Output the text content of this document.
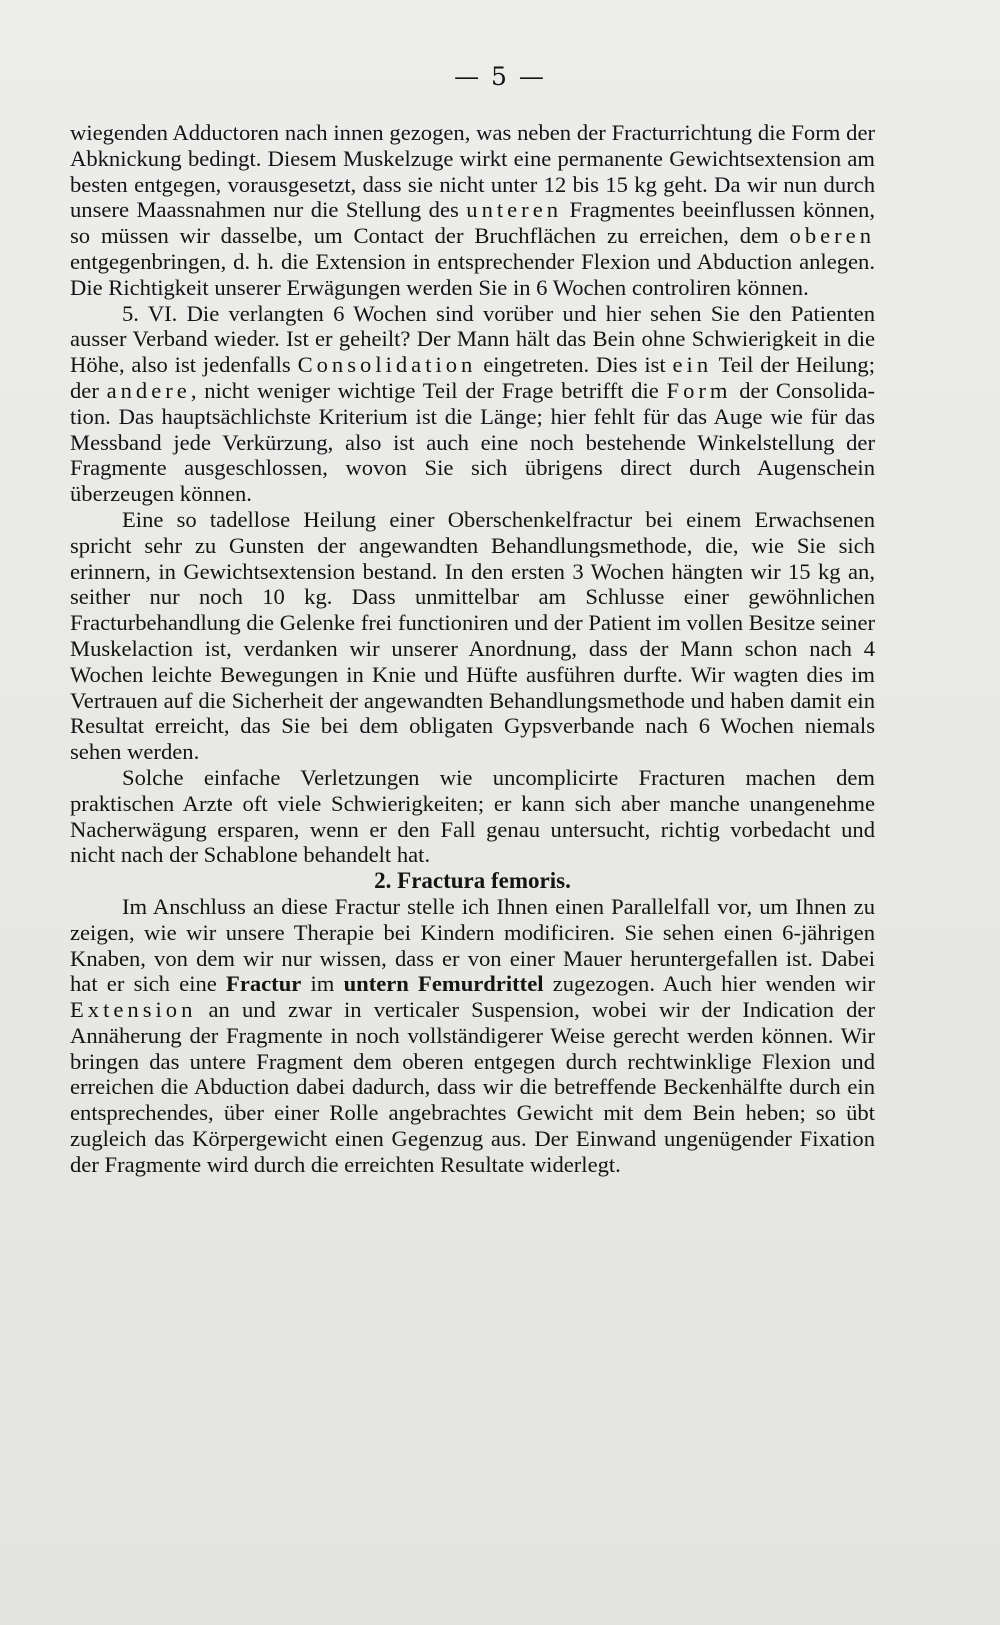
— 5 —

wiegenden Adductoren nach innen gezogen, was neben der Fracturrichtung die Form der Abknickung bedingt. Diesem Muskelzuge wirkt eine permanente Gewichtsextension am besten entgegen, vorausgesetzt, dass sie nicht unter 12 bis 15 kg geht. Da wir nun durch unsere Maassnahmen nur die Stellung des unteren Fragmentes beeinflussen können, so müssen wir dasselbe, um Contact der Bruchflächen zu erreichen, dem oberen entgegenbringen, d. h. die Extension in entsprechender Flexion und Abduction anlegen. Die Richtigkeit unserer Erwägungen werden Sie in 6 Wochen controliren können.

5. VI. Die verlangten 6 Wochen sind vorüber und hier sehen Sie den Patienten ausser Verband wieder. Ist er geheilt? Der Mann hält das Bein ohne Schwierigkeit in die Höhe, also ist jedenfalls Consolidation eingetreten. Dies ist ein Teil der Heilung; der andere, nicht weniger wichtige Teil der Frage betrifft die Form der Consolidation. Das hauptsächlichste Kriterium ist die Länge; hier fehlt für das Auge wie für das Messband jede Verkürzung, also ist auch eine noch bestehende Winkelstellung der Fragmente ausgeschlossen, wovon Sie sich übrigens direct durch Augenschein überzeugen können.

Eine so tadellose Heilung einer Oberschenkelfractur bei einem Erwachsenen spricht sehr zu Gunsten der angewandten Behandlungsmethode, die, wie Sie sich erinnern, in Gewichtsextension bestand. In den ersten 3 Wochen hängten wir 15 kg an, seither nur noch 10 kg. Dass unmittelbar am Schlusse einer gewöhnlichen Fracturbehandlung die Gelenke frei functioniren und der Patient im vollen Besitze seiner Muskelaction ist, verdanken wir unserer Anordnung, dass der Mann schon nach 4 Wochen leichte Bewegungen in Knie und Hüfte ausführen durfte. Wir wagten dies im Vertrauen auf die Sicherheit der angewandten Behandlungsmethode und haben damit ein Resultat erreicht, das Sie bei dem obligaten Gypsverbande nach 6 Wochen niemals sehen werden.

Solche einfache Verletzungen wie uncomplicirte Fracturen machen dem praktischen Arzte oft viele Schwierigkeiten; er kann sich aber manche unangenehme Nacherwägung ersparen, wenn er den Fall genau untersucht, richtig vorbedacht und nicht nach der Schablone behandelt hat.

2. Fractura femoris.

Im Anschluss an diese Fractur stelle ich Ihnen einen Parallelfall vor, um Ihnen zu zeigen, wie wir unsere Therapie bei Kindern modificiren. Sie sehen einen 6-jährigen Knaben, von dem wir nur wissen, dass er von einer Mauer heruntergefallen ist. Dabei hat er sich eine Fractur im untern Femurdrittel zugezogen. Auch hier wenden wir Extension an und zwar in verticaler Suspension, wobei wir der Indication der Annäherung der Fragmente in noch vollständigerer Weise gerecht werden können. Wir bringen das untere Fragment dem oberen entgegen durch rechtwinklige Flexion und erreichen die Abduction dabei dadurch, dass wir die betreffende Beckenhälfte durch ein entsprechendes, über einer Rolle angebrachtes Gewicht mit dem Bein heben; so übt zugleich das Körpergewicht einen Gegenzug aus. Der Einwand ungenügender Fixation der Fragmente wird durch die erreichten Resultate widerlegt.
